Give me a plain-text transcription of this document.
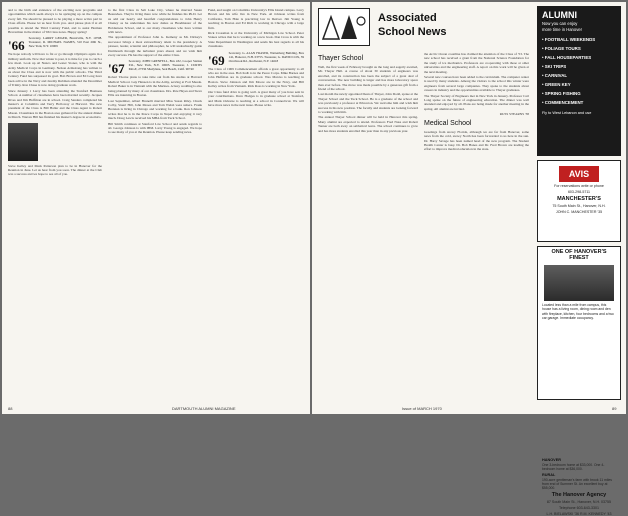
and to the birth and existence of the exciting new programs and opportunities which seem always to be springing up on the campus every fall. We should be pleased to be playing a more active part in Class affairs. Please let us hear from you. And please plan if at all possible to attend the Third Century Fund, and to assist Herman Braverman in the matter of '66 Class notes. Happy spring!

'66 Secretary, LARRY GEIGER, Bronxville, N.Y. 10708. Treasurer, R. MICHAEL NAMES, 510 East 20th St., New York, N.Y. 10009

We hope nobody will have to fix or go through Olympics again in a military uniform. Now that winter is past, it is time for you to catch a few meal. Look up Al Nuzzo and Lester Stoner, who is with the Army Medical Corps in Germany. Nelson Armstrong has written to us about the Class and is now with the public schools. The Third Century Fund has surpassed its goal. Bob Brown and Ed Long have been active in the Navy and Jeremy Rubman attended the December of Trinity. Ron Chase is now doing graduate work.

Since January 1 Larry has been attending the Stanford Business School. A number of classmates have been married recently. Jacques Rives and Jim Hoffman are in school. Craig Sanders completed his master's at Columbia and Terry Holloway at Harvard. The new president of the Class is Bill Haller and the Class Agent is Robert Mason. Classmates in the Boston area gathered for the annual dinner in March. Warren Hill has finished his master's degree in economics.

Steve Kelley and Mark Patterson plan to be in Hanover for the Reunion in June. Let us hear from you soon. The dinner at the Club was a success and we hope to see all of you.

to the first Class in Salt Lake City, where he married Susan Beeuwkes. They're living there now while he finishes his Ph.D. Let us add our hearty and heartfelt congratulations to John Henry Cheney as he undertakes his new duties as Headmaster of the Holderness School, and to our many classmates who have written with news.

The appointment of Professor John G. Kemeny as Mr. Dickey's successor brings a most extraordinary talent to the presidency. A pioneer, leader, scientist and philosopher, he will undoubtedly guide Dartmouth through the turbulent years ahead, and we wish him every success. He has the support of the entire Class.

'67 Secretary, JOHN GRENFELL, Box 432, Cooper Station P.O., New York, N.Y. 10003. Treasurer, J. CURTIS PAGE, 27336 Shadylane, Seal Beach, Calif. 90740

Robert Thorne plans to take time out from his studies at Harvard Medical School. Guy Hansen is in the Army, serving at Fort Meade. Robert Baker is in Vietnam with the Marines. A busy wedding is also being planned by many of our classmates. Drs. Pete Hayes and Steve Ellis are interning in Boston.

Last September, Albert Brunelli married Miss Susan Riley. Chuck Colby, Stuart Hill, John Moses and Tom Welsh were ushers. Frank Brennan is living in Chicago and working for a bank. Ron Johnson writes that he is in the Peace Corps in Nepal and enjoying it very much. Doug Lewis received his MBA from Tuck School.

Bill Smith continues at Stanford Law School and sends regards to all. George Johnson is with IBM. Larry Young is engaged. We hope to see many of you at the Reunion. Please keep sending news.

Fund, and taught on Columbia University's Ellis Island campus. Larry Brown and his wife live in New York. Al Johnson writes from California, Tom Hale is practicing law in Denver. Jim Young is teaching in Boston and Ed Rich is working in Chicago with a large firm.

Rick Crossman is at the University of Michigan Law School. Peter Stokes writes that he is working on a new book. Dan Cross is with the State Department in Washington and sends his best regards to all his classmates.

'69 Secretary, G. ALAN FRASER, Wattenberg Building, Box 141, Hanover, N.H. 03755. Treasurer, G. DAVID COX, 39 Overbrook Rd., Rochester, N.Y. 14618

The Class of 1969 Commencement affords a great opportunity to all who are in the area. Bob Kolb is in the Peace Corps. Mike Barnes and John Huffman are in graduate school. Wes Marcus is teaching in Boston. Steve Johnson and Jim Moore are in the Navy, and Bill Kelley writes from Vietnam. Rick Ross is working in New York.

Our Class fund drive is going well. A great many of you have sent in your contributions. Dave Hodges is in graduate school at Stanford, and Mark Osborne is teaching at a school in Connecticut. We will have more news in the next issue. Please write.

88	DARTMOUTH ALUMNI MAGAZINE
Associated
School News
Thayer School

Well, the first week of February brought us the long and eagerly awaited, Mr. Thayer Hall. A course of about 30 students of engineers was enrolled, and its construction has been the subject of a great deal of conversation. The new building is larger and has more laboratory space than ever before. The move was made possible by a generous gift from a friend of the school.

Last month the newly appointed Dean of Thayer, John Dodd, spoke at the Thayer School and the Tuck School. He is a graduate of the school and was previously a professor at Princeton. We welcome him and wish him success in his new position. The faculty and students are looking forward to working with him.

The annual Thayer School dinner will be held in Hanover this spring. Many alumni are expected to attend. Professors Fred Nuss and Robert Tanner are both away on sabbatical leave. The school continues to grow and has more students enrolled this year than in any previous year.

the Arctic Ocean coastline has claimed the attention of the Class of '53. The new school has received a grant from the National Science Foundation for the study of ice mechanics. Professors are cooperating with those at other universities and the engineering staff. A report on this work will be given at the next meeting.

Several new courses have been added to the curriculum. The computer center is used by many students. Among the visitors to the school this winter were engineers from several large companies. They spoke to the students about careers in industry and the opportunities available to Thayer graduates.

The Thayer Society of Engineers met in New York in January. Professor Carl Long spoke on the future of engineering education. The dinner was well attended and enjoyed by all. Plans are being made for another meeting in the spring. All alumni are invited.

RUSS STEARNS '38

Medical School

Greetings from snowy Florida, although we are far from Hanover, some news from the cold, snowy North has been forwarded to us here in the sun. Dr. Harry Savage has been named head of the new program. The Student Health Center is busy. Dr. Bob Hanes and Dr. Fred Brown are leading the effort to improve medical education in the state.

ALUMNI
Now you can enjoy
more time in Hanover
• FOOTBALL WEEKENDS
• FOLIAGE TOURS
• FALL HOUSEPARTIES
• SKI TRIPS
• CARNIVAL
• GREEN KEY
• SPRING FISHING
• COMMENCEMENT
Fly to West Lebanon and use
AVIS
For reservations write or phone
603-298-5711
MANCHESTER'S
75 South Main St., Hanover, N.H.
JOHN C. MANCHESTER '35
ONE OF HANOVER'S FINEST
Located less than a mile from campus, this house has a living room, dining room and den with fireplace, kitchen, four bedrooms and a two car garage. Immediate occupancy.
HANOVER
One 3-bedroom home at $33,000. One 4-bedroom home at $36,000.
RURAL
190-acre gentleman's farm with brook 11 miles from end of Summer St. An excellent buy at $55,000.
The Hanover Agency
87 South Main St., Hanover, N.H. 03755
Telephone 603-643-3301
L.H. BIELAWSKI '36 R.M. KENNEDY '43
Issue of MARCH 1970	89
